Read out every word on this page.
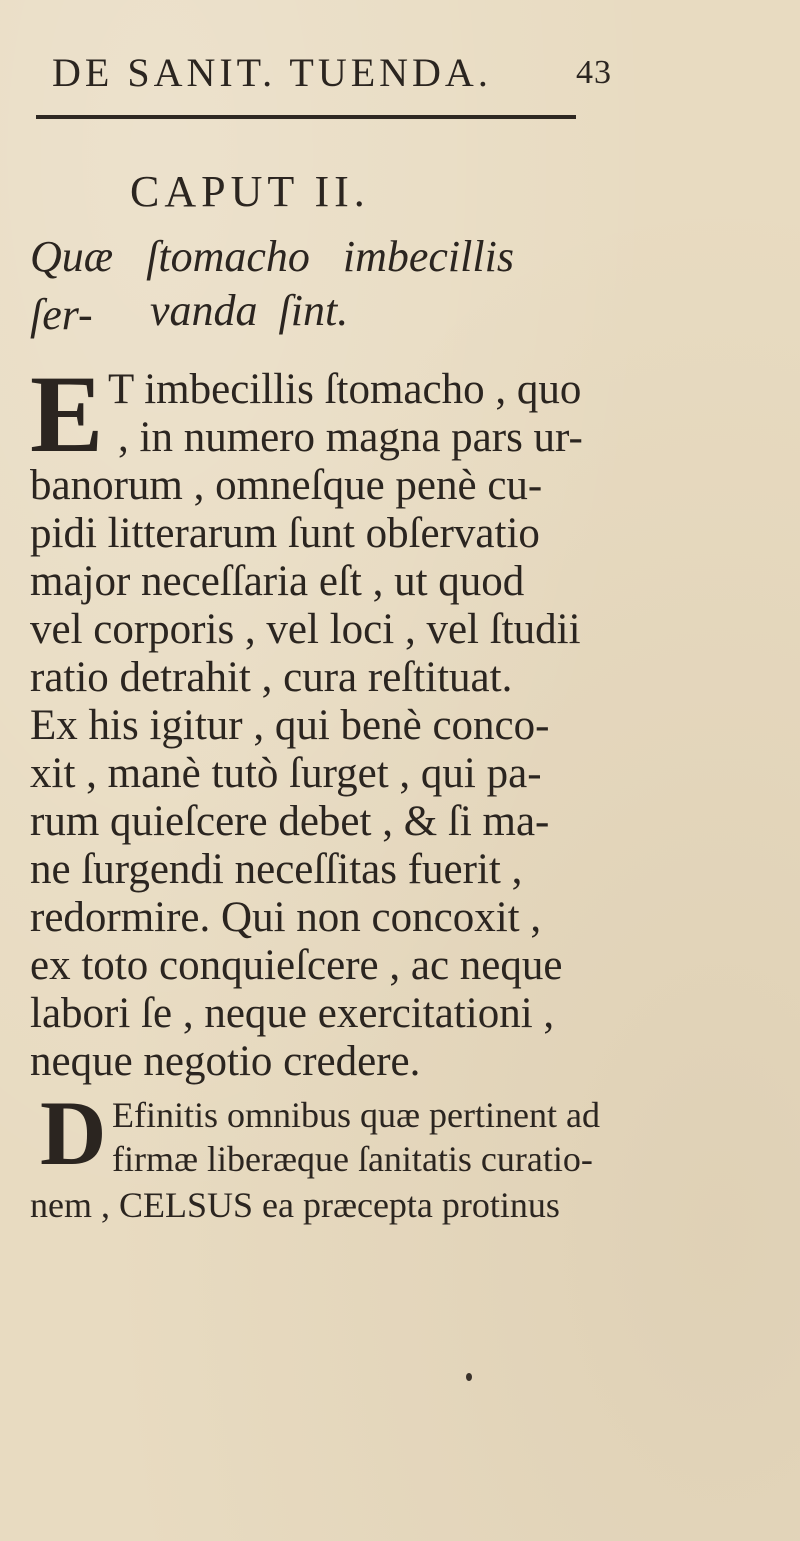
DE SANIT. TUENDA. 43
CAPUT II.
Quæ ſtomacho imbecillis ſer-	vanda ſint.
E T imbecillis ſtomacho , quo
, in numero magna pars ur-
banorum , omneſque penè cu-
pidi litterarum ſunt obſervatio
major neceſſaria eſt , ut quod
vel corporis , vel loci , vel ſtudii
ratio detrahit , cura reſtituat.
Ex his igitur , qui benè conco-
xit , manè tutò ſurget , qui pa-
rum quieſcere debet , & ſi ma-
ne ſurgendi neceſſitas fuerit ,
redormire. Qui non concoxit ,
ex toto conquieſcere , ac neque
labori ſe , neque exercitationi ,
neque negotio credere.
D Efinitis omnibus quæ pertinent ad
firmæ liberæque ſanitatis curatio-
nem , CELSUS ea præcepta protinus
